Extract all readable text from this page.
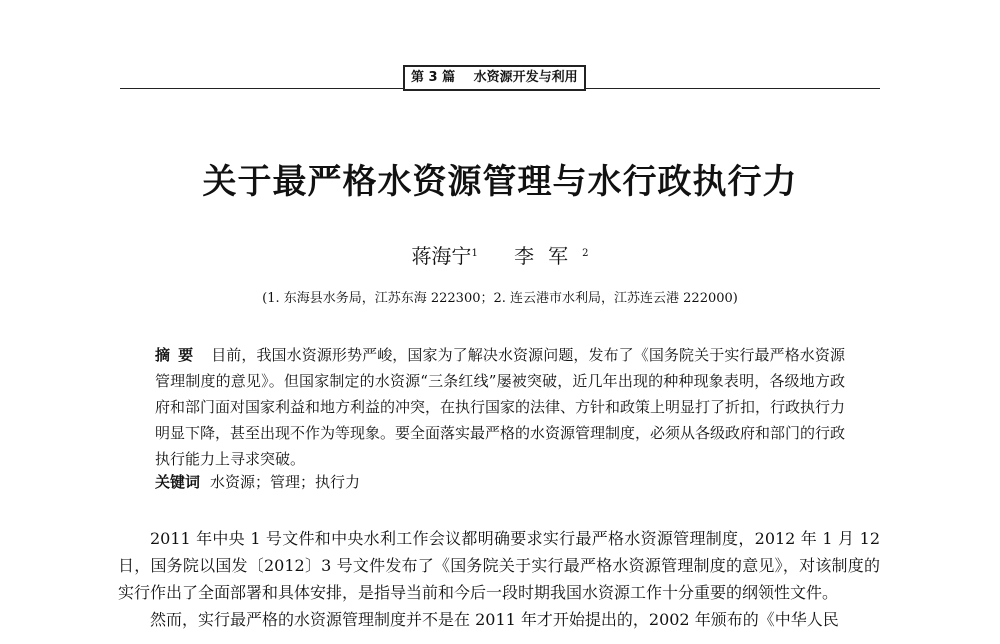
第 3 篇 水资源开发与利用
关于最严格水资源管理与水行政执行力
蒋海宁$^1$ 李军$^2$
(1. 东海县水务局，江苏东海 222300；2. 连云港市水利局，江苏连云港 222000)
摘要 目前，我国水资源形势严峻，国家为了解决水资源问题，发布了《国务院关于实行最严格水资源管理制度的意见》。但国家制定的水资源“三条红线”屡被突破，近几年出现的种种现象表明，各级地方政府和部门面对国家利益和地方利益的冲突，在执行国家的法律、方针和政策上明显打了折扣，行政执行力明显下降，甚至出现不作为等现象。要全面落实最严格的水资源管理制度，必须从各级政府和部门的行政执行能力上寻求突破。
关键词 水资源；管理；执行力

2011 年中央 1 号文件和中央水利工作会议都明确要求实行最严格水资源管理制度，2012 年 1 月 12 日，国务院以国发〔2012〕3 号文件发布了《国务院关于实行最严格水资源管理制度的意见》，对该制度的实行作出了全面部署和具体安排，是指导当前和今后一段时期我国水资源工作十分重要的纲领性文件。

然而，实行最严格的水资源管理制度并不是在 2011 年才开始提出的，2002 年颁布的《中华人民
